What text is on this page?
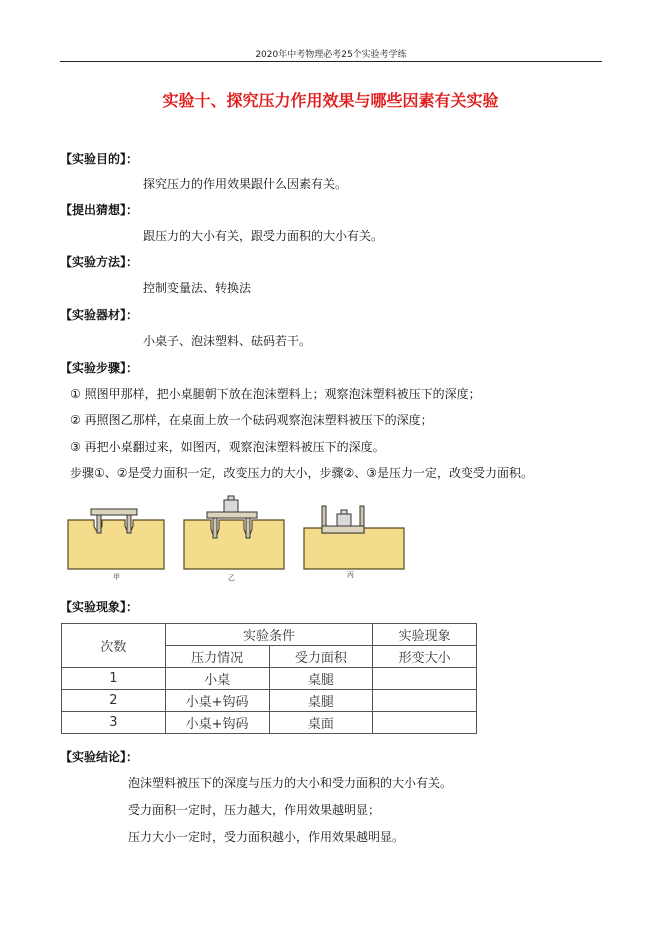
2020年中考物理必考25个实验考学练
实验十、探究压力作用效果与哪些因素有关实验
【实验目的】：
探究压力的作用效果跟什么因素有关。
【提出猜想】：
跟压力的大小有关，跟受力面积的大小有关。
【实验方法】：
控制变量法、转换法
【实验器材】：
小桌子、泡沫塑料、砝码若干。
【实验步骤】：
① 照图甲那样，把小桌腿朝下放在泡沫塑料上；观察泡沫塑料被压下的深度；
② 再照图乙那样，在桌面上放一个砝码观察泡沫塑料被压下的深度；
③ 再把小桌翻过来，如图丙，观察泡沫塑料被压下的深度。
步骤①、②是受力面积一定，改变压力的大小，步骤②、③是压力一定，改变受力面积。
甲	乙	丙
【实验现象】：
次数	实验条件		实验现象
	压力情况	受力面积	形变大小
1	小桌	桌腿	
2	小桌+钩码	桌腿	
3	小桌+钩码	桌面	
【实验结论】：
泡沫塑料被压下的深度与压力的大小和受力面积的大小有关。
受力面积一定时，压力越大，作用效果越明显；
压力大小一定时，受力面积越小，作用效果越明显。
